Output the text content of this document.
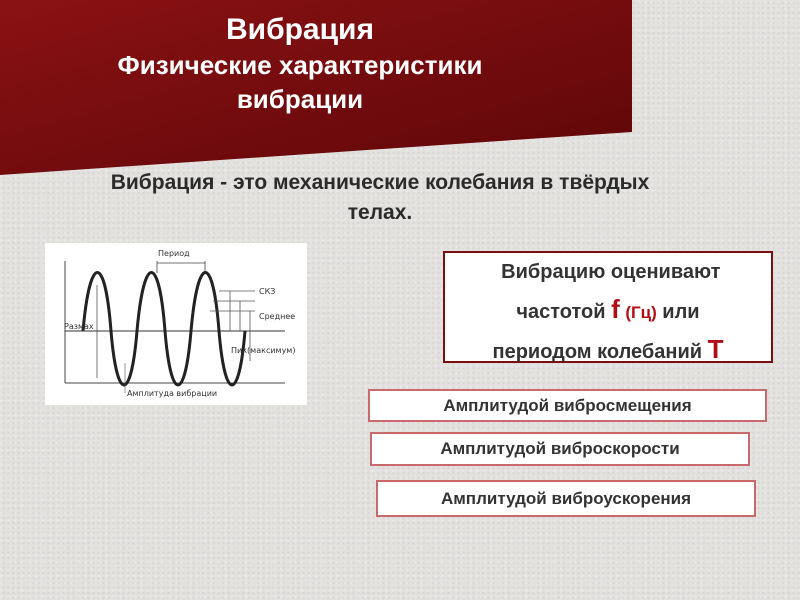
Вибрация
Физические характеристики
вибрации
Вибрация - это механические колебания в твёрдых
телах.
Период
СКЗ
Среднее
Размах
Пик(максимум)
Амплитуда вибрации
Вибрацию оценивают
частотой f (Гц) или
периодом колебаний Т
Амплитудой вибросмещения
Амплитудой виброскорости
Амплитудой виброускорения
